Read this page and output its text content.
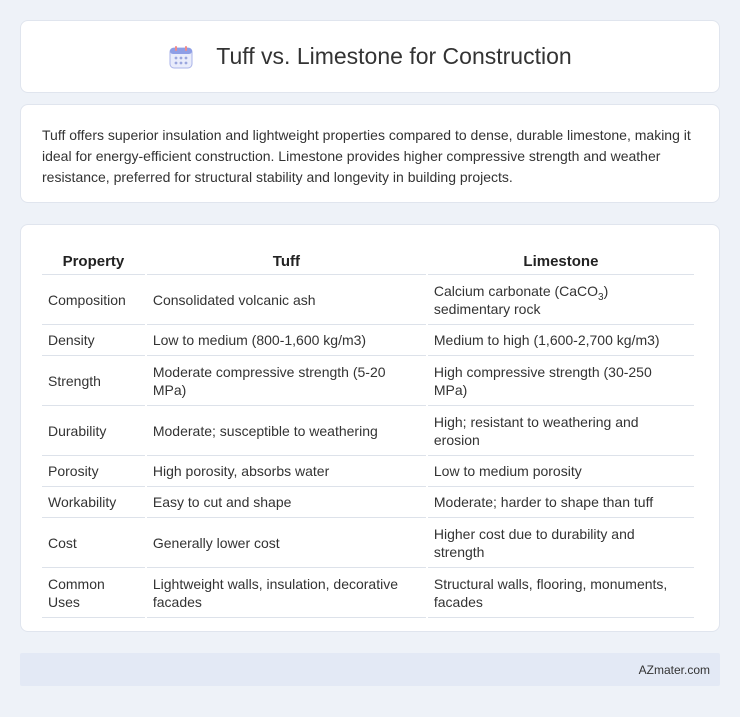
Tuff vs. Limestone for Construction

Tuff offers superior insulation and lightweight properties compared to dense, durable limestone, making it ideal for energy-efficient construction. Limestone provides higher compressive strength and weather resistance, preferred for structural stability and longevity in building projects.

Property	Tuff	Limestone
Composition	Consolidated volcanic ash	Calcium carbonate (CaCO$_3$) sedimentary rock
Density	Low to medium (800-1,600 kg/m3)	Medium to high (1,600-2,700 kg/m3)
Strength	Moderate compressive strength (5-20 MPa)	High compressive strength (30-250 MPa)
Durability	Moderate; susceptible to weathering	High; resistant to weathering and erosion
Porosity	High porosity, absorbs water	Low to medium porosity
Workability	Easy to cut and shape	Moderate; harder to shape than tuff
Cost	Generally lower cost	Higher cost due to durability and strength
Common Uses	Lightweight walls, insulation, decorative facades	Structural walls, flooring, monuments, facades
AZmater.com
